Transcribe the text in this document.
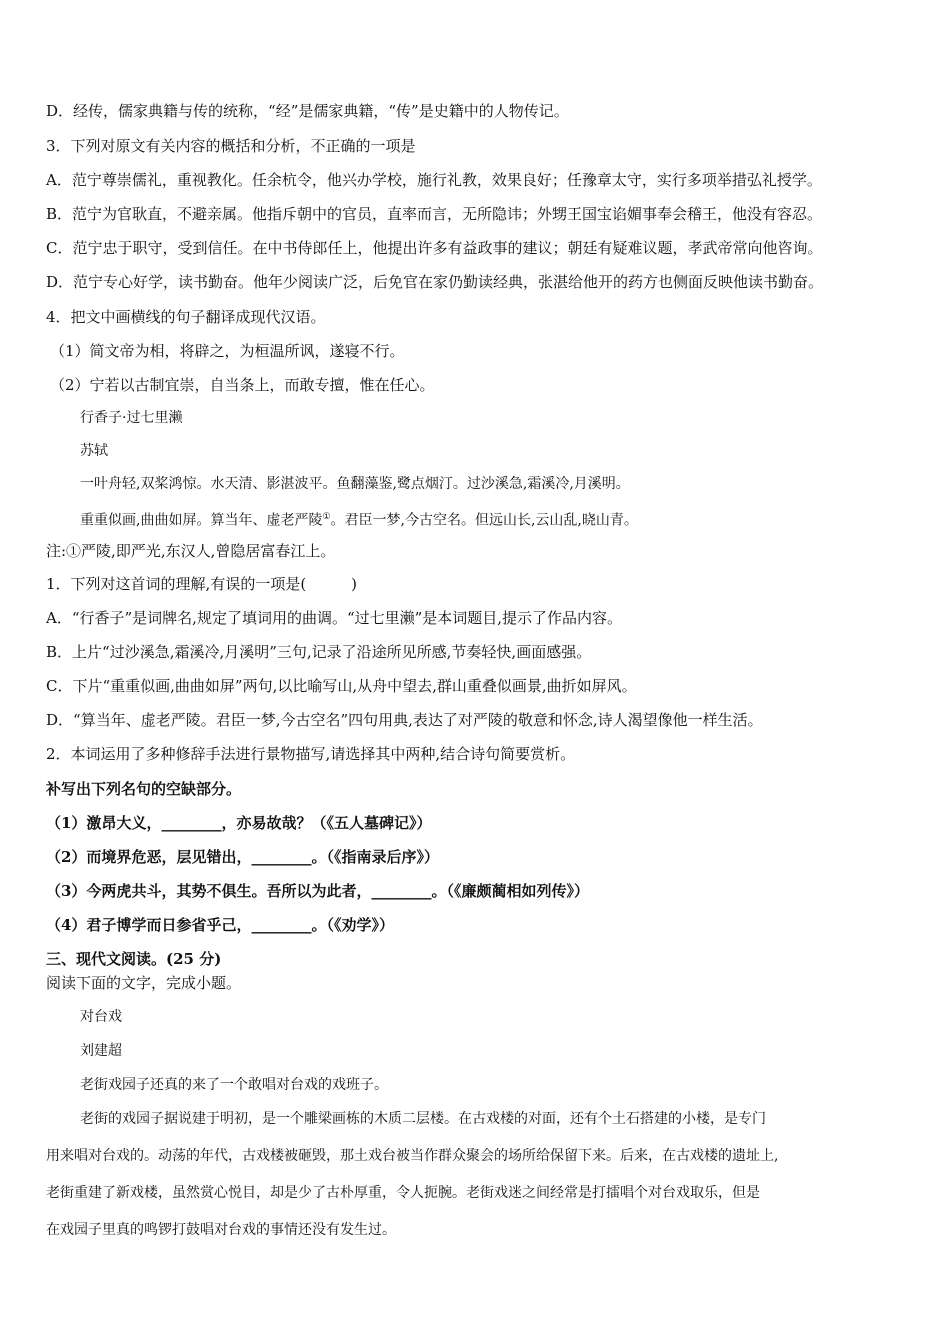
D．经传，儒家典籍与传的统称，“经”是儒家典籍，“传”是史籍中的人物传记。
3．下列对原文有关内容的概括和分析，不正确的一项是
A．范宁尊崇儒礼，重视教化。任余杭令，他兴办学校，施行礼教，效果良好；任豫章太守，实行多项举措弘礼授学。
B．范宁为官耿直，不避亲属。他指斥朝中的官员，直率而言，无所隐讳；外甥王国宝谄媚事奉会稽王，他没有容忍。
C．范宁忠于职守，受到信任。在中书侍郎任上，他提出许多有益政事的建议；朝廷有疑难议题，孝武帝常向他咨询。
D．范宁专心好学，读书勤奋。他年少阅读广泛，后免官在家仍勤读经典，张湛给他开的药方也侧面反映他读书勤奋。
4．把文中画横线的句子翻译成现代汉语。
（1）简文帝为相，将辟之，为桓温所讽，遂寝不行。
（2）宁若以古制宜崇，自当条上，而敢专擅，惟在任心。
行香子·过七里濑
苏轼
一叶舟轻,双桨鸿惊。水天清、影湛波平。鱼翻藻鉴,鹭点烟汀。过沙溪急,霜溪冷,月溪明。
重重似画,曲曲如屏。算当年、虚老严陵①。君臣一梦,今古空名。但远山长,云山乱,晓山青。
注:①严陵,即严光,东汉人,曾隐居富春江上。
1．下列对这首词的理解,有误的一项是(　　　)
A．“行香子”是词牌名,规定了填词用的曲调。“过七里濑”是本词题目,提示了作品内容。
B．上片“过沙溪急,霜溪冷,月溪明”三句,记录了沿途所见所感,节奏轻快,画面感强。
C．下片“重重似画,曲曲如屏”两句,以比喻写山,从舟中望去,群山重叠似画景,曲折如屏风。
D．“算当年、虚老严陵。君臣一梦,今古空名”四句用典,表达了对严陵的敬意和怀念,诗人渴望像他一样生活。
2．本词运用了多种修辞手法进行景物描写,请选择其中两种,结合诗句简要赏析。
补写出下列名句的空缺部分。
（1）激昂大义，________，亦易故哉？（《五人墓碑记》）
（2）而境界危恶，层见错出，________。（《指南录后序》）
（3）今两虎共斗，其势不俱生。吾所以为此者，________。（《廉颇蔺相如列传》）
（4）君子博学而日参省乎己，________。（《劝学》）
三、现代文阅读。(25 分)
阅读下面的文字，完成小题。
对台戏
刘建超
老街戏园子还真的来了一个敢唱对台戏的戏班子。
老街的戏园子据说建于明初，是一个雕梁画栋的木质二层楼。在古戏楼的对面，还有个土石搭建的小楼，是专门
用来唱对台戏的。动荡的年代，古戏楼被砸毁，那土戏台被当作群众聚会的场所给保留下来。后来，在古戏楼的遗址上,
老街重建了新戏楼，虽然赏心悦目，却是少了古朴厚重，令人扼腕。老街戏迷之间经常是打擂唱个对台戏取乐，但是
在戏园子里真的鸣锣打鼓唱对台戏的事情还没有发生过。
